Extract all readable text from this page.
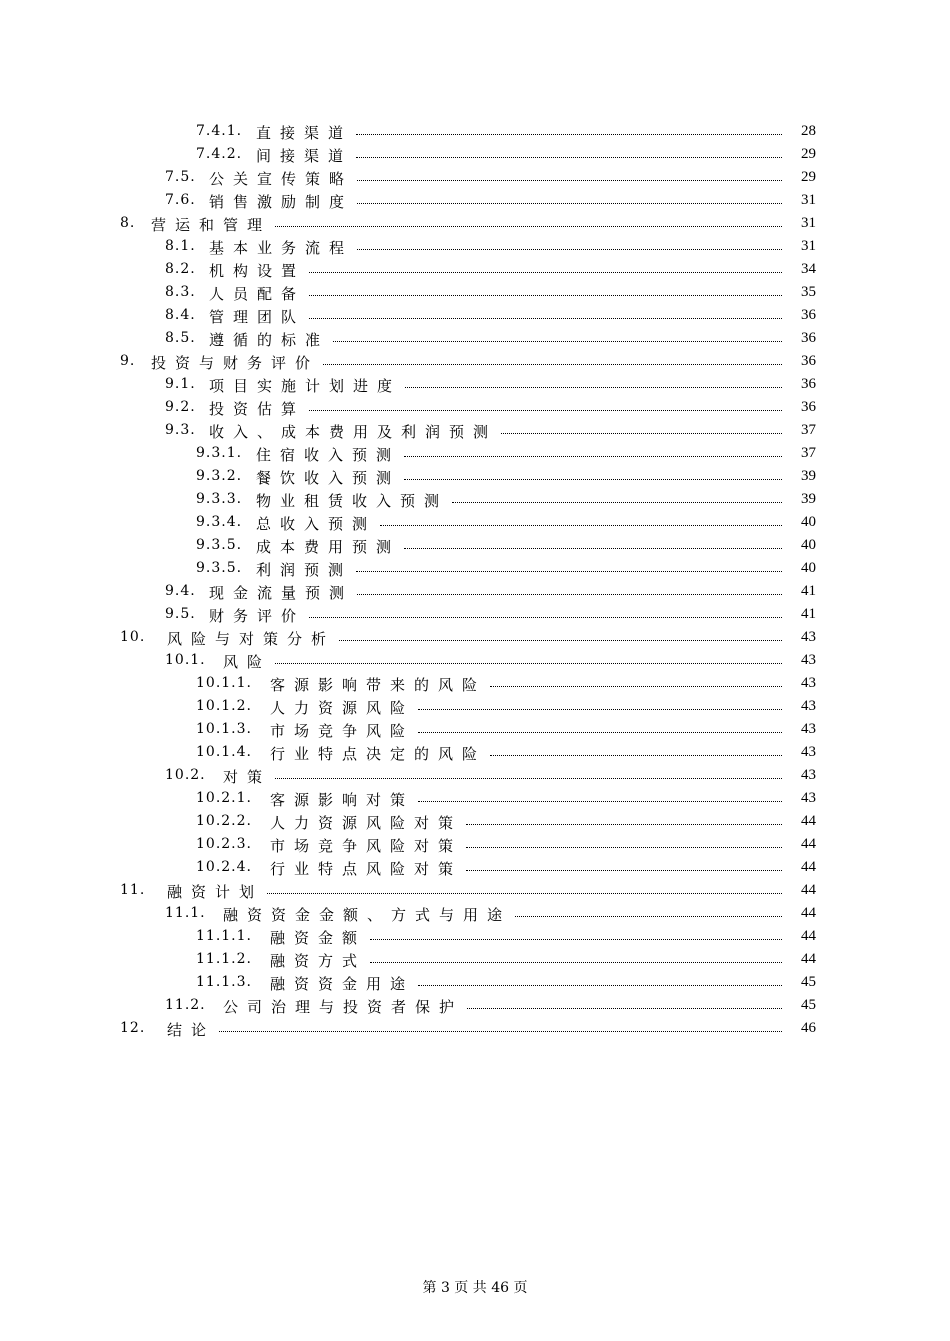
7.4.1. 直接渠道	28
7.4.2. 间接渠道	29
7.5. 公关宣传策略	29
7.6. 销售激励制度	31
8. 营运和管理	31
8.1. 基本业务流程	31
8.2. 机构设置	34
8.3. 人员配备	35
8.4. 管理团队	36
8.5. 遵循的标准	36
9. 投资与财务评价	36
9.1. 项目实施计划进度	36
9.2. 投资估算	36
9.3. 收入、成本费用及利润预测	37
9.3.1. 住宿收入预测	37
9.3.2. 餐饮收入预测	39
9.3.3. 物业租赁收入预测	39
9.3.4. 总收入预测	40
9.3.5. 成本费用预测	40
9.3.5. 利润预测	40
9.4. 现金流量预测	41
9.5. 财务评价	41
10. 风险与对策分析	43
10.1. 风险	43
10.1.1. 客源影响带来的风险	43
10.1.2. 人力资源风险	43
10.1.3. 市场竞争风险	43
10.1.4. 行业特点决定的风险	43
10.2. 对策	43
10.2.1. 客源影响对策	43
10.2.2. 人力资源风险对策	44
10.2.3. 市场竞争风险对策	44
10.2.4. 行业特点风险对策	44
11. 融资计划	44
11.1. 融资资金金额、方式与用途	44
11.1.1. 融资金额	44
11.1.2. 融资方式	44
11.1.3. 融资资金用途	45
11.2. 公司治理与投资者保护	45
12. 结论	46
第 3 页 共 46 页
